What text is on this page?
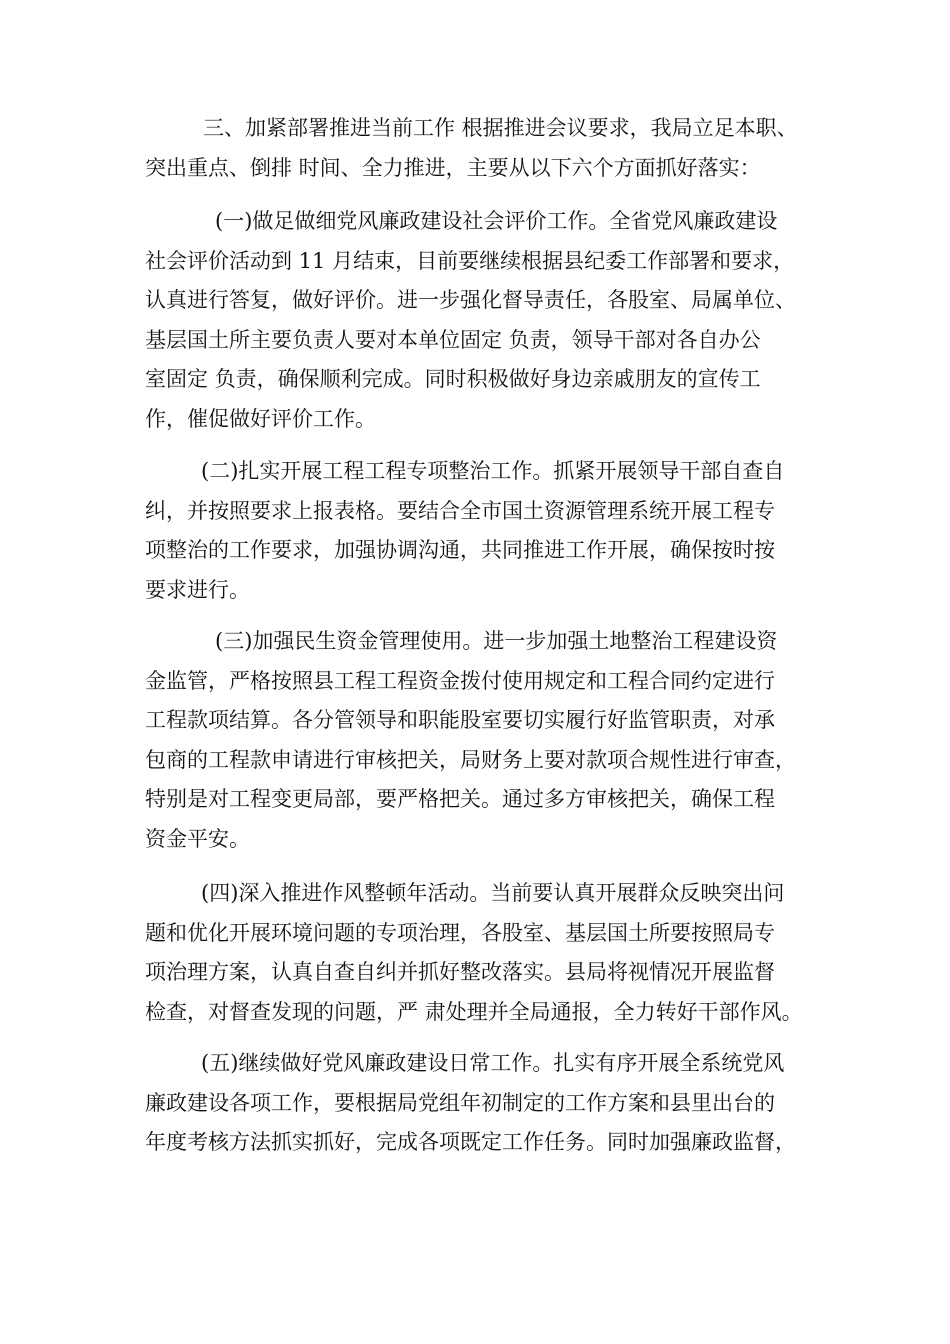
三、加紧部署推进当前工作 根据推进会议要求，我局立足本职、
突出重点、倒排 时间、全力推进，主要从以下六个方面抓好落实：
(一)做足做细党风廉政建设社会评价工作。全省党风廉政建设
社会评价活动到 11 月结束，目前要继续根据县纪委工作部署和要求，
认真进行答复，做好评价。进一步强化督导责任，各股室、局属单位、
基层国土所主要负责人要对本单位固定 负责，领导干部对各自办公
室固定 负责，确保顺利完成。同时积极做好身边亲戚朋友的宣传工
作，催促做好评价工作。
(二)扎实开展工程工程专项整治工作。抓紧开展领导干部自查自
纠，并按照要求上报表格。要结合全市国土资源管理系统开展工程专
项整治的工作要求，加强协调沟通，共同推进工作开展，确保按时按
要求进行。
(三)加强民生资金管理使用。进一步加强土地整治工程建设资
金监管，严格按照县工程工程资金拨付使用规定和工程合同约定进行
工程款项结算。各分管领导和职能股室要切实履行好监管职责，对承
包商的工程款申请进行审核把关，局财务上要对款项合规性进行审查，
特别是对工程变更局部，要严格把关。通过多方审核把关，确保工程
资金平安。
(四)深入推进作风整顿年活动。当前要认真开展群众反映突出问
题和优化开展环境问题的专项治理，各股室、基层国土所要按照局专
项治理方案，认真自查自纠并抓好整改落实。县局将视情况开展监督
检查，对督查发现的问题，严 肃处理并全局通报，全力转好干部作风。
(五)继续做好党风廉政建设日常工作。扎实有序开展全系统党风
廉政建设各项工作，要根据局党组年初制定的工作方案和县里出台的
年度考核方法抓实抓好，完成各项既定工作任务。同时加强廉政监督，
